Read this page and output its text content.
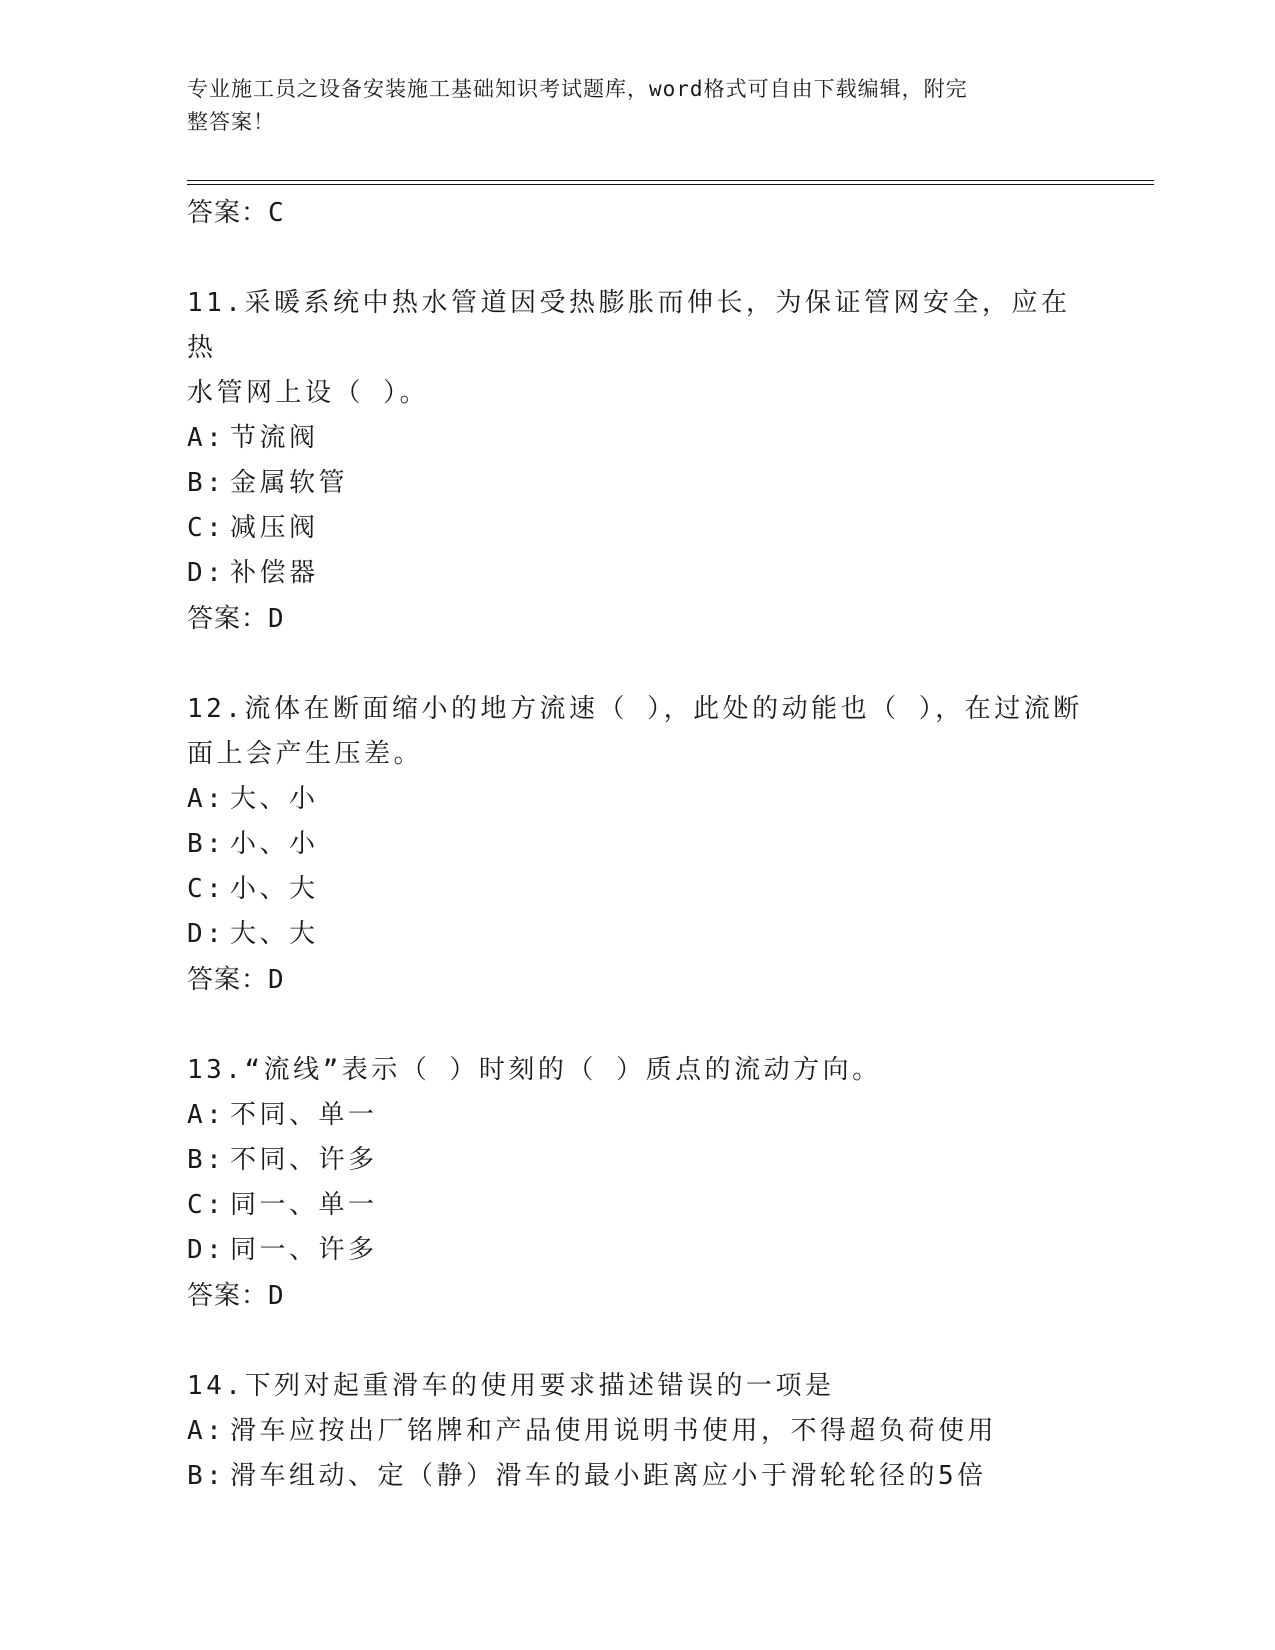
专业施工员之设备安装施工基础知识考试题库，word格式可自由下载编辑，附完
整答案！
答案：C
11.采暖系统中热水管道因受热膨胀而伸长，为保证管网安全，应在热
水管网上设（ ）。
A: 节流阀
B: 金属软管
C: 减压阀
D: 补偿器
答案：D
12.流体在断面缩小的地方流速（ ），此处的动能也（ ），在过流断
面上会产生压差。
A: 大、小
B: 小、小
C: 小、大
D: 大、大
答案：D
13.“流线”表示（ ）时刻的（ ）质点的流动方向。
A: 不同、单一
B: 不同、许多
C: 同一、单一
D: 同一、许多
答案：D
14.下列对起重滑车的使用要求描述错误的一项是
A: 滑车应按出厂铭牌和产品使用说明书使用，不得超负荷使用
B: 滑车组动、定（静）滑车的最小距离应小于滑轮轮径的5倍
